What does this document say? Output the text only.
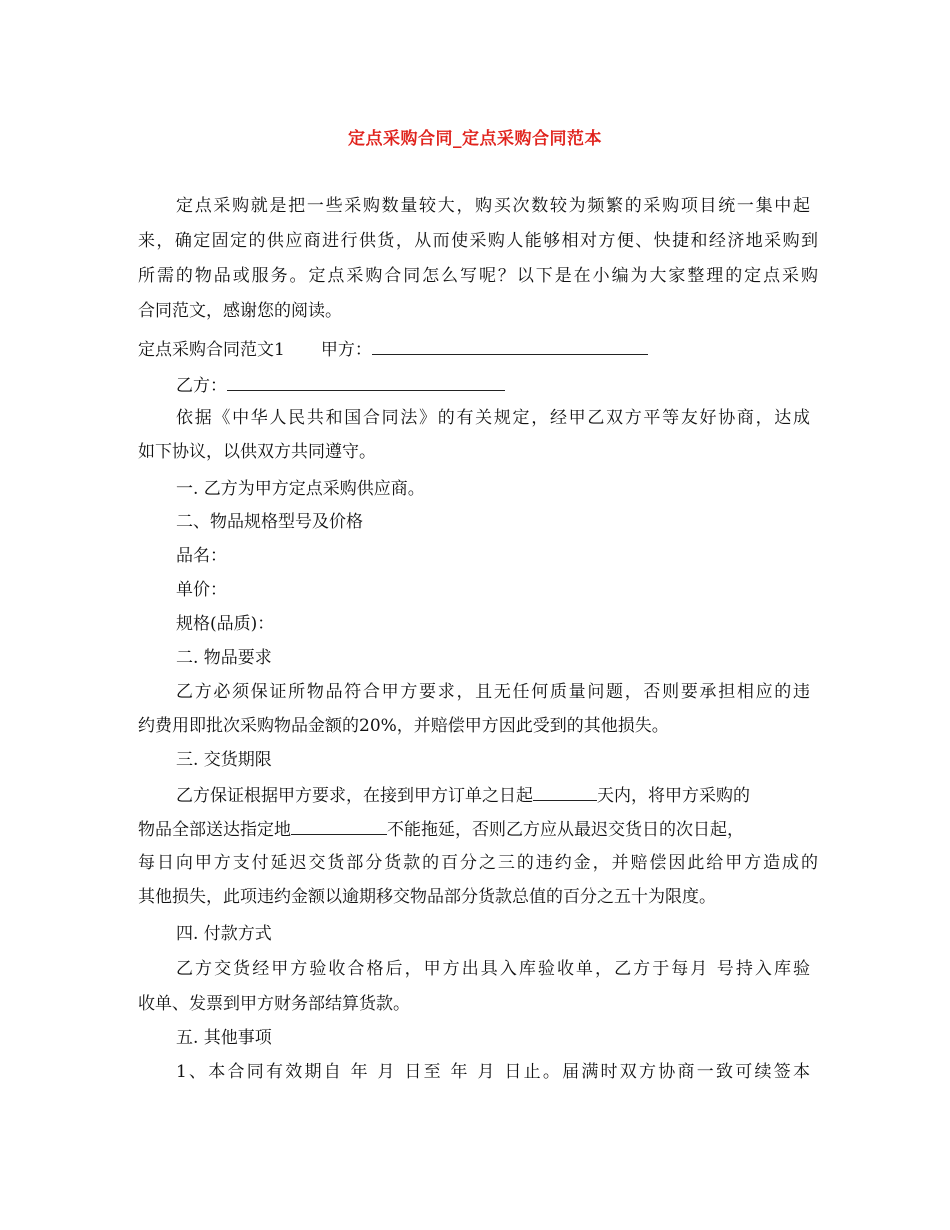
定点采购合同_定点采购合同范本
定点采购就是把一些采购数量较大，购买次数较为频繁的采购项目统一集中起
来，确定固定的供应商进行供货，从而使采购人能够相对方便、快捷和经济地采购到
所需的物品或服务。定点采购合同怎么写呢？以下是在小编为大家整理的定点采购
合同范文，感谢您的阅读。
定点采购合同范文1 甲方：
乙方：
依据《中华人民共和国合同法》的有关规定，经甲乙双方平等友好协商，达成
如下协议，以供双方共同遵守。
一. 乙方为甲方定点采购供应商。
二、物品规格型号及价格
品名：
单价：
规格(品质)：
二. 物品要求
乙方必须保证所物品符合甲方要求，且无任何质量问题，否则要承担相应的违
约费用即批次采购物品金额的20%，并赔偿甲方因此受到的其他损失。
三. 交货期限
乙方保证根据甲方要求，在接到甲方订单之日起	天内，将甲方采购的
物品全部送达指定地	不能拖延，否则乙方应从最迟交货日的次日起，
每日向甲方支付延迟交货部分货款的百分之三的违约金，并赔偿因此给甲方造成的
其他损失，此项违约金额以逾期移交物品部分货款总值的百分之五十为限度。
四. 付款方式
乙方交货经甲方验收合格后，甲方出具入库验收单，乙方于每月 号持入库验
收单、发票到甲方财务部结算货款。
五. 其他事项
1、本合同有效期自 年 月 日至 年 月 日止。届满时双方协商一致可续签本
